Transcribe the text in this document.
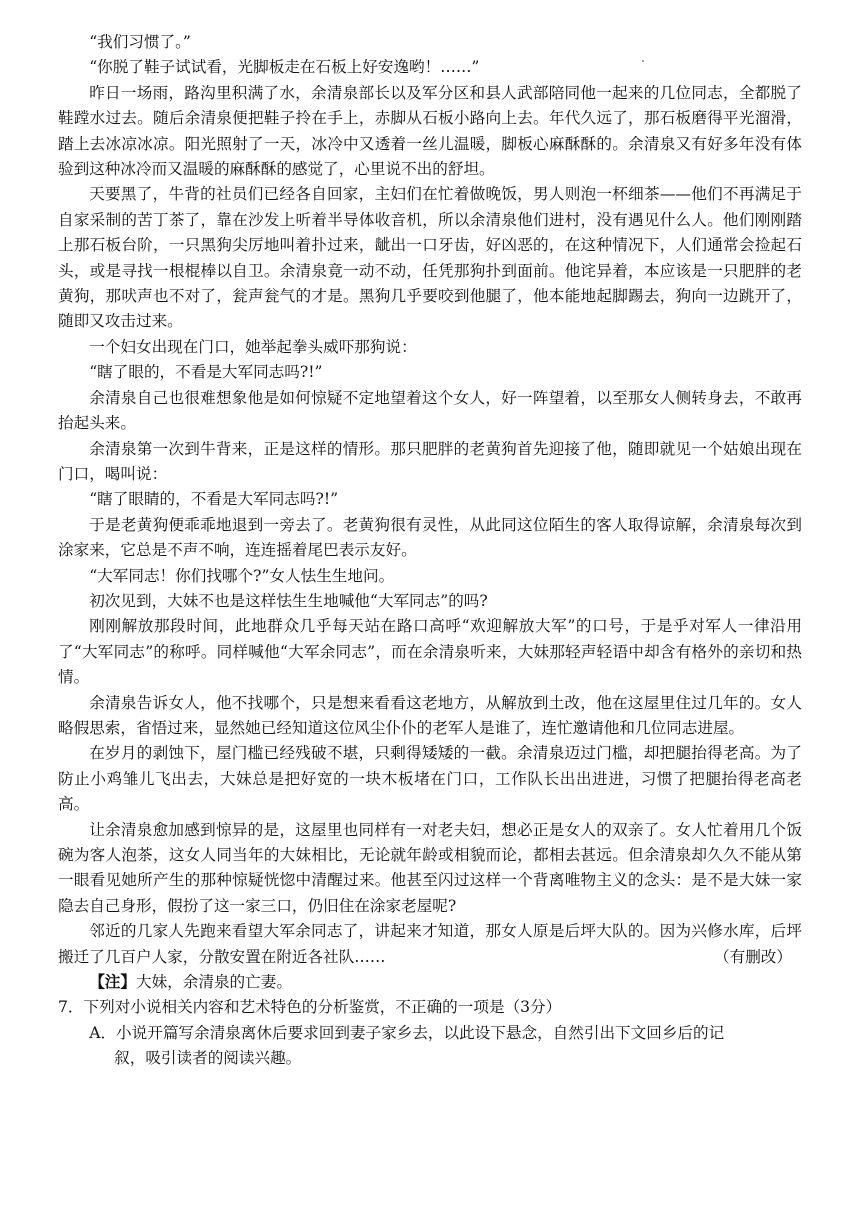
“我们习惯了。”

“你脱了鞋子试试看，光脚板走在石板上好安逸哟！……”

昨日一场雨，路沟里积满了水，余清泉部长以及军分区和县人武部陪同他一起来的几位同志，全都脱了鞋蹚水过去。随后余清泉便把鞋子拎在手上，赤脚从石板小路向上去。年代久远了，那石板磨得平光溜滑，踏上去冰凉冰凉。阳光照射了一天，冰冷中又透着一丝儿温暖，脚板心麻酥酥的。余清泉又有好多年没有体验到这种冰冷而又温暖的麻酥酥的感觉了，心里说不出的舒坦。

天要黑了，牛背的社员们已经各自回家，主妇们在忙着做晚饭，男人则泡一杯细茶——他们不再满足于自家采制的苦丁茶了，靠在沙发上听着半导体收音机，所以余清泉他们进村，没有遇见什么人。他们刚刚踏上那石板台阶，一只黑狗尖厉地叫着扑过来，龇出一口牙齿，好凶恶的，在这种情况下，人们通常会捡起石头，或是寻找一根棍棒以自卫。余清泉竟一动不动，任凭那狗扑到面前。他诧异着，本应该是一只肥胖的老黄狗，那吠声也不对了，瓮声瓮气的才是。黑狗几乎要咬到他腿了，他本能地起脚踢去，狗向一边跳开了，随即又攻击过来。

一个妇女出现在门口，她举起拳头威吓那狗说：

“瞎了眼的，不看是大军同志吗?!”

余清泉自己也很难想象他是如何惊疑不定地望着这个女人，好一阵望着，以至那女人侧转身去，不敢再抬起头来。

余清泉第一次到牛背来，正是这样的情形。那只肥胖的老黄狗首先迎接了他，随即就见一个姑娘出现在门口，喝叫说：

“瞎了眼睛的，不看是大军同志吗?!”

于是老黄狗便乖乖地退到一旁去了。老黄狗很有灵性，从此同这位陌生的客人取得谅解，余清泉每次到涂家来，它总是不声不响，连连摇着尾巴表示友好。

“大军同志！你们找哪个?”女人怯生生地问。

初次见到，大妹不也是这样怯生生地喊他“大军同志”的吗?

刚刚解放那段时间，此地群众几乎每天站在路口高呼“欢迎解放大军”的口号，于是乎对军人一律沿用了“大军同志”的称呼。同样喊他“大军余同志”，而在余清泉听来，大妹那轻声轻语中却含有格外的亲切和热情。

余清泉告诉女人，他不找哪个，只是想来看看这老地方，从解放到土改，他在这屋里住过几年的。女人略假思索，省悟过来，显然她已经知道这位风尘仆仆的老军人是谁了，连忙邀请他和几位同志进屋。

在岁月的剥蚀下，屋门槛已经残破不堪，只剩得矮矮的一截。余清泉迈过门槛，却把腿抬得老高。为了防止小鸡雏儿飞出去，大妹总是把好宽的一块木板堵在门口，工作队长出出进进，习惯了把腿抬得老高老高。

让余清泉愈加感到惊异的是，这屋里也同样有一对老夫妇，想必正是女人的双亲了。女人忙着用几个饭碗为客人泡茶，这女人同当年的大妹相比，无论就年龄或相貌而论，都相去甚远。但余清泉却久久不能从第一眼看见她所产生的那种惊疑恍惚中清醒过来。他甚至闪过这样一个背离唯物主义的念头：是不是大妹一家隐去自己身形，假扮了这一家三口，仍旧住在涂家老屋呢?

邻近的几家人先跑来看望大军余同志了，讲起来才知道，那女人原是后坪大队的。因为兴修水库，后坪搬迁了几百户人家，分散安置在附近各社队……	（有删改）

【注】大妹，余清泉的亡妻。

7．下列对小说相关内容和艺术特色的分析鉴赏，不正确的一项是（3分）

A．小说开篇写余清泉离休后要求回到妻子家乡去，以此设下悬念，自然引出下文回乡后的记
叙，吸引读者的阅读兴趣。
